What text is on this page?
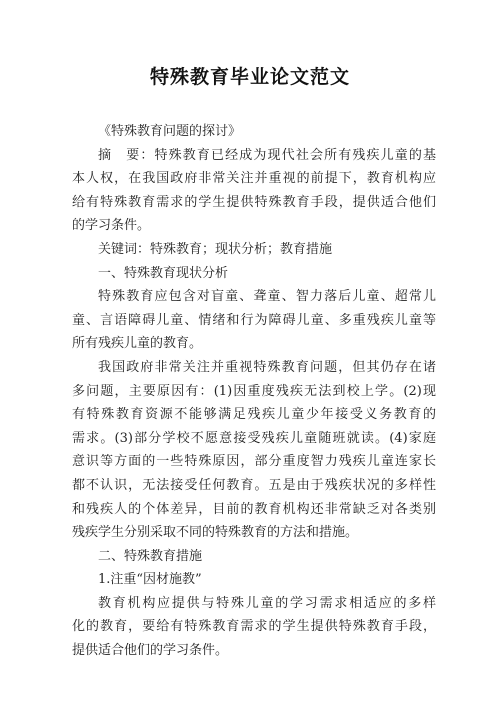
特殊教育毕业论文范文
《特殊教育问题的探讨》
摘　要：特殊教育已经成为现代社会所有残疾儿童的基
本人权，在我国政府非常关注并重视的前提下，教育机构应
给有特殊教育需求的学生提供特殊教育手段，提供适合他们
的学习条件。
关键词：特殊教育；现状分析；教育措施
一、特殊教育现状分析
特殊教育应包含对盲童、聋童、智力落后儿童、超常儿
童、言语障碍儿童、情绪和行为障碍儿童、多重残疾儿童等
所有残疾儿童的教育。
我国政府非常关注并重视特殊教育问题，但其仍存在诸
多问题，主要原因有：(1)因重度残疾无法到校上学。(2)现
有特殊教育资源不能够满足残疾儿童少年接受义务教育的
需求。(3)部分学校不愿意接受残疾儿童随班就读。(4)家庭
意识等方面的一些特殊原因，部分重度智力残疾儿童连家长
都不认识，无法接受任何教育。五是由于残疾状况的多样性
和残疾人的个体差异，目前的教育机构还非常缺乏对各类别
残疾学生分别采取不同的特殊教育的方法和措施。
二、特殊教育措施
1.注重“因材施教”
教育机构应提供与特殊儿童的学习需求相适应的多样
化的教育，要给有特殊教育需求的学生提供特殊教育手段，
提供适合他们的学习条件。
